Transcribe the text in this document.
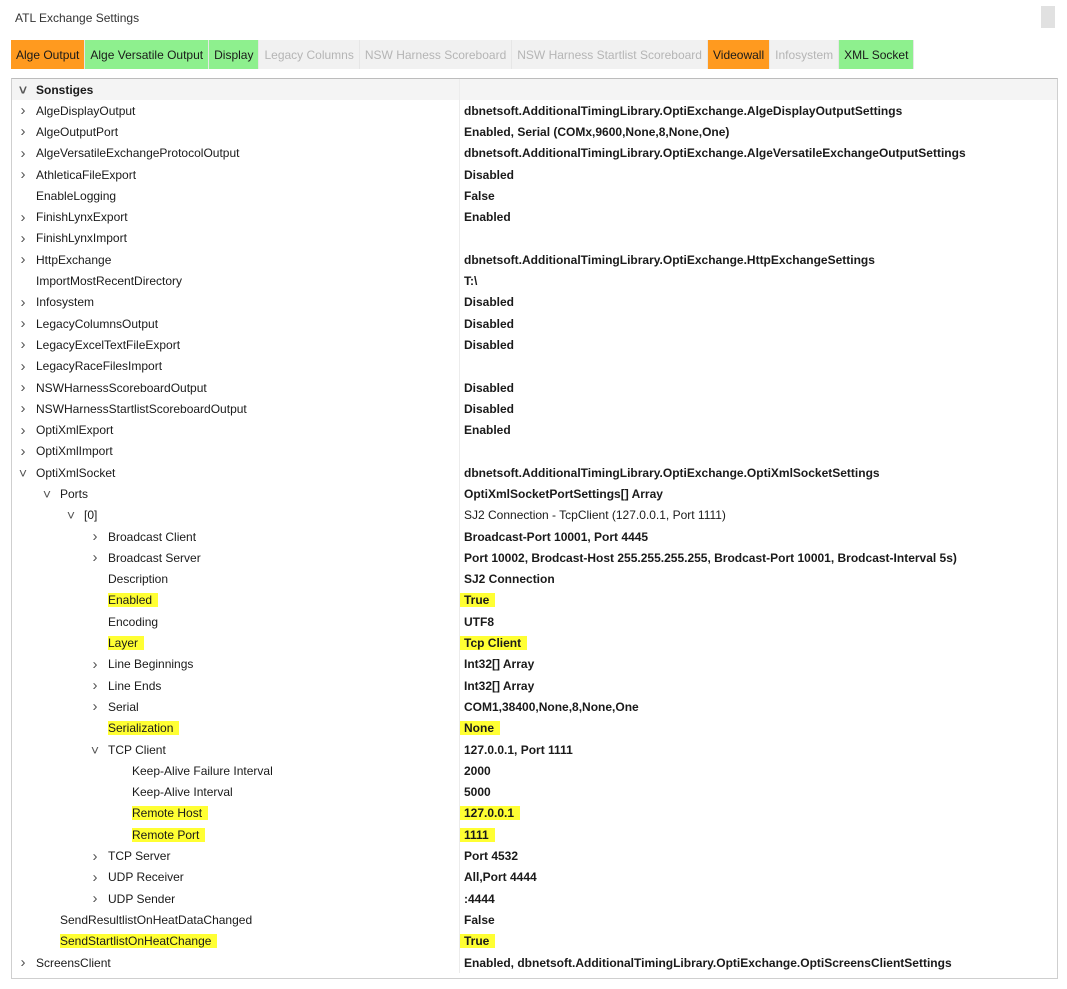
ATL Exchange Settings
Alge Output Alge Versatile Output Display Legacy Columns NSW Harness Scoreboard NSW Harness Startlist Scoreboard Videowall Infosystem XML Socket
˅ Sonstiges
› AlgeDisplayOutput	dbnetsoft.AdditionalTimingLibrary.OptiExchange.AlgeDisplayOutputSettings
› AlgeOutputPort	Enabled, Serial (COMx,9600,None,8,None,One)
› AlgeVersatileExchangeProtocolOutput	dbnetsoft.AdditionalTimingLibrary.OptiExchange.AlgeVersatileExchangeOutputSettings
› AthleticaFileExport	Disabled
EnableLogging	False
› FinishLynxExport	Enabled
› FinishLynxImport
› HttpExchange	dbnetsoft.AdditionalTimingLibrary.OptiExchange.HttpExchangeSettings
ImportMostRecentDirectory	T:\
› Infosystem	Disabled
› LegacyColumnsOutput	Disabled
› LegacyExcelTextFileExport	Disabled
› LegacyRaceFilesImport
› NSWHarnessScoreboardOutput	Disabled
› NSWHarnessStartlistScoreboardOutput	Disabled
› OptiXmlExport	Enabled
› OptiXmlImport
˅ OptiXmlSocket	dbnetsoft.AdditionalTimingLibrary.OptiExchange.OptiXmlSocketSettings
˅ Ports	OptiXmlSocketPortSettings[] Array
˅ [0]	SJ2 Connection - TcpClient (127.0.0.1, Port 1111)
› Broadcast Client	Broadcast-Port 10001, Port 4445
› Broadcast Server	Port 10002, Brodcast-Host 255.255.255.255, Brodcast-Port 10001, Brodcast-Interval 5s)
Description	SJ2 Connection
Enabled	True
Encoding	UTF8
Layer	Tcp Client
› Line Beginnings	Int32[] Array
› Line Ends	Int32[] Array
› Serial	COM1,38400,None,8,None,One
Serialization	None
˅ TCP Client	127.0.0.1, Port 1111
Keep-Alive Failure Interval	2000
Keep-Alive Interval	5000
Remote Host	127.0.0.1
Remote Port	1111
› TCP Server	Port 4532
› UDP Receiver	All,Port 4444
› UDP Sender	:4444
SendResultlistOnHeatDataChanged	False
SendStartlistOnHeatChange	True
› ScreensClient	Enabled, dbnetsoft.AdditionalTimingLibrary.OptiExchange.OptiScreensClientSettings
